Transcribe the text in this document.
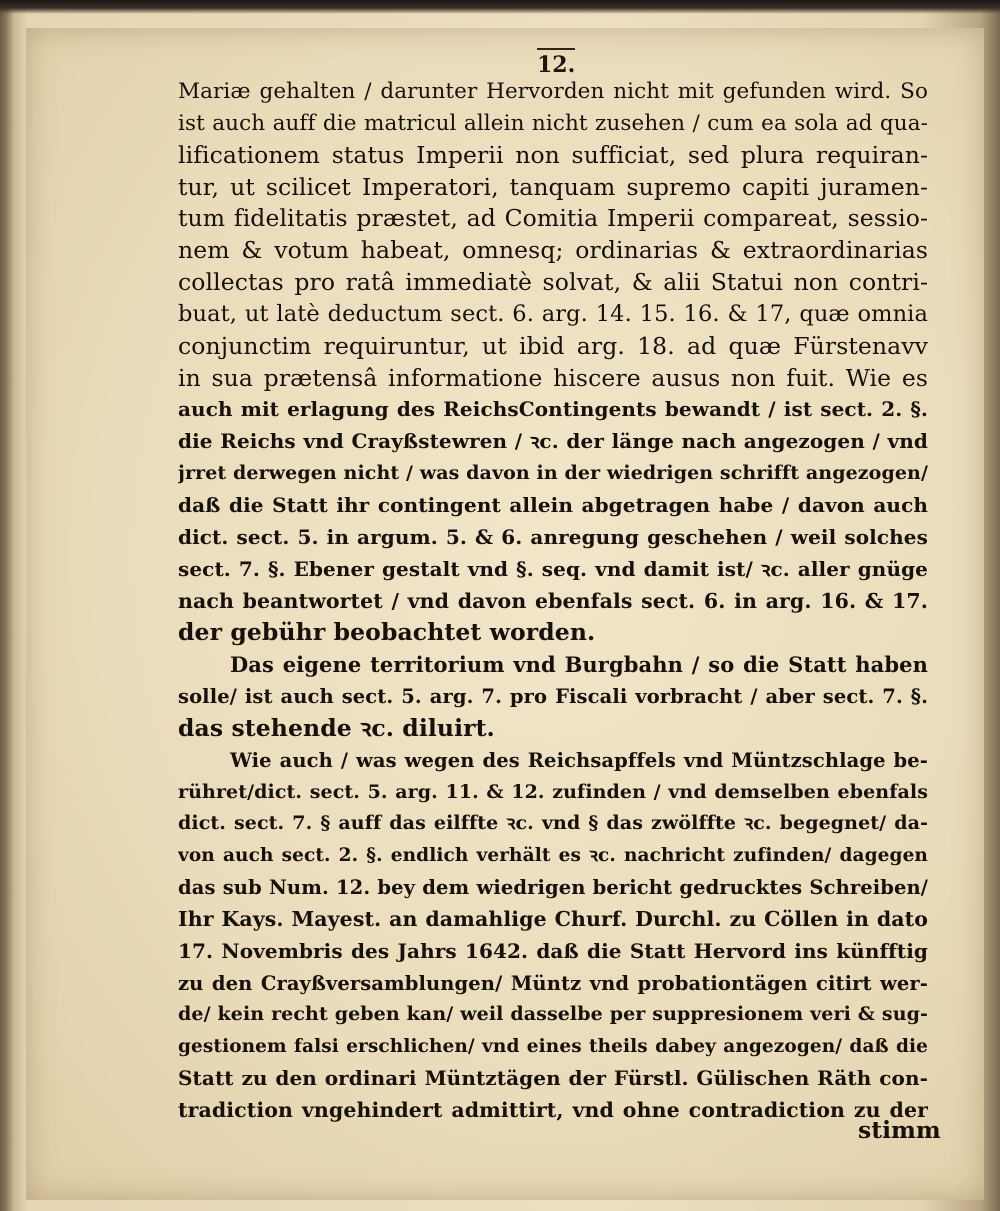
12.
Mariæ gehalten / darunter Hervorden nicht mit gefunden wird. So
ist auch auff die matricul allein nicht zusehen / cum ea sola ad qua-
lificationem status Imperii non sufficiat, sed plura requiran-
tur, ut scilicet Imperatori, tanquam supremo capiti juramen-
tum fidelitatis præstet, ad Comitia Imperii compareat, sessio-
nem & votum habeat, omnesq; ordinarias & extraordinarias
collectas pro ratâ immediatè solvat, & alii Statui non contri-
buat, ut latè deductum sect. 6. arg. 14. 15. 16. & 17, quæ omnia
conjunctim requiruntur, ut ibid arg. 18. ad quæ Fürstenavv
in sua prætensâ informatione hiscere ausus non fuit. Wie es
auch mit erlagung des ReichsContingents bewandt / ist sect. 2. §.
die Reichs vnd Crayßstewren / ꝛc. der länge nach angezogen / vnd
jrret derwegen nicht / was davon in der wiedrigen schrifft angezogen/
daß die Statt ihr contingent allein abgetragen habe / davon auch
dict. sect. 5. in argum. 5. & 6. anregung geschehen / weil solches
sect. 7. §. Ebener gestalt vnd §. seq. vnd damit ist/ ꝛc. aller gnüge
nach beantwortet / vnd davon ebenfals sect. 6. in arg. 16. & 17.
der gebühr beobachtet worden.
Das eigene territorium vnd Burgbahn / so die Statt haben
solle/ ist auch sect. 5. arg. 7. pro Fiscali vorbracht / aber sect. 7. §.
das stehende ꝛc. diluirt.
Wie auch / was wegen des Reichsapffels vnd Müntzschlage be-
rühret/dict. sect. 5. arg. 11. & 12. zufinden / vnd demselben ebenfals
dict. sect. 7. § auff das eilffte ꝛc. vnd § das zwölffte ꝛc. begegnet/ da-
von auch sect. 2. §. endlich verhält es ꝛc. nachricht zufinden/ dagegen
das sub Num. 12. bey dem wiedrigen bericht gedrucktes Schreiben/
Ihr Kays. Mayest. an damahlige Churf. Durchl. zu Cöllen in dato
17. Novembris des Jahrs 1642. daß die Statt Hervord ins künfftig
zu den Crayßversamblungen/ Müntz vnd probationtägen citirt wer-
de/ kein recht geben kan/ weil dasselbe per suppresionem veri & sug-
gestionem falsi erschlichen/ vnd eines theils dabey angezogen/ daß die
Statt zu den ordinari Müntztägen der Fürstl. Gülischen Räth con-
tradiction vngehindert admittirt, vnd ohne contradiction zu der
stimm
